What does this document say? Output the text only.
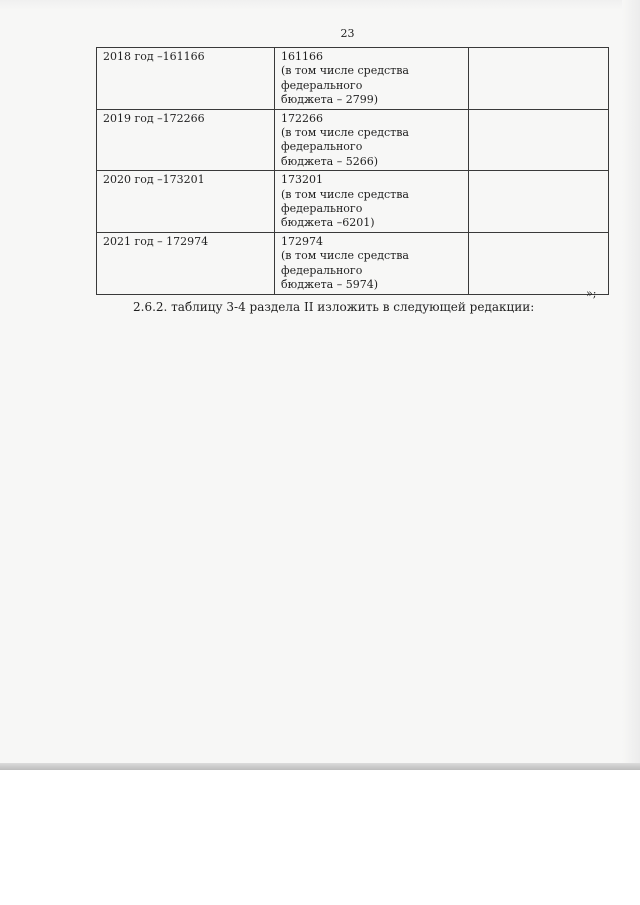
23
2018 год –161166	161166
(в том числе средства
федерального
бюджета – 2799)	

2019 год –172266	172266
(в том числе средства
федерального
бюджета – 5266)	

2020 год –173201	173201
(в том числе средства
федерального
бюджета –6201)	

2021 год – 172974	172974
(в том числе средства
федерального
бюджета – 5974)	

»;
2.6.2. таблицу 3-4 раздела II изложить в следующей редакции:
